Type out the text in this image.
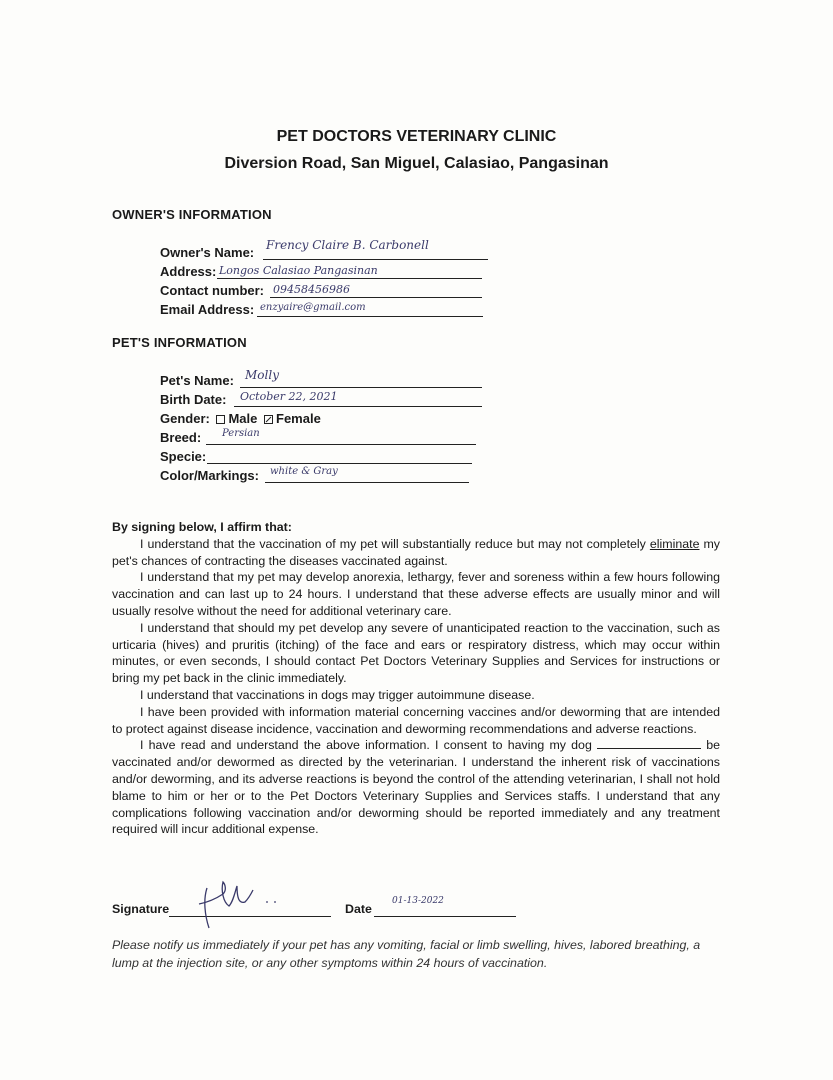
PET DOCTORS VETERINARY CLINIC
Diversion Road, San Miguel, Calasiao, Pangasinan
OWNER'S INFORMATION
Owner's Name: Frency Claire B. Carbonell
Address: Longos Calasiao Pangasinan
Contact number: 09458456986
Email Address: enzyaire@gmail.com
PET'S INFORMATION
Pet's Name: Molly
Birth Date: October 22, 2021
Gender: Male Female
Breed: Persian
Specie:
Color/Markings: white & Gray

By signing below, I affirm that:

I understand that the vaccination of my pet will substantially reduce but may not completely eliminate my pet's chances of contracting the diseases vaccinated against.

I understand that my pet may develop anorexia, lethargy, fever and soreness within a few hours following vaccination and can last up to 24 hours. I understand that these adverse effects are usually minor and will usually resolve without the need for additional veterinary care.

I understand that should my pet develop any severe of unanticipated reaction to the vaccination, such as urticaria (hives) and pruritis (itching) of the face and ears or respiratory distress, which may occur within minutes, or even seconds, I should contact Pet Doctors Veterinary Supplies and Services for instructions or bring my pet back in the clinic immediately.

I understand that vaccinations in dogs may trigger autoimmune disease.

I have been provided with information material concerning vaccines and/or deworming that are intended to protect against disease incidence, vaccination and deworming recommendations and adverse reactions.

I have read and understand the above information. I consent to having my dog	be vaccinated and/or dewormed as directed by the veterinarian. I understand the inherent risk of vaccinations and/or deworming, and its adverse reactions is beyond the control of the attending veterinarian, I shall not hold blame to him or her or to the Pet Doctors Veterinary Supplies and Services staffs. I understand that any complications following vaccination and/or deworming should be reported immediately and any treatment required will incur additional expense.

Signature	Date
01-13-2022
Please notify us immediately if your pet has any vomiting, facial or limb swelling, hives, labored breathing, a lump at the injection site, or any other symptoms within 24 hours of vaccination.
